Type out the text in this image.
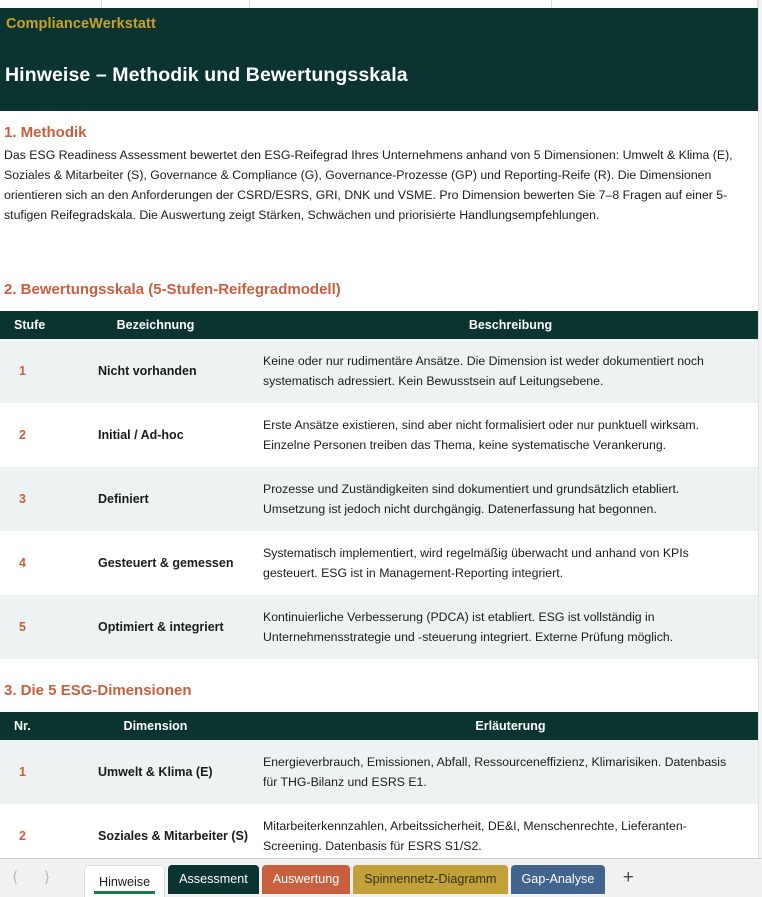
ComplianceWerkstatt
Hinweise – Methodik und Bewertungsskala
1. Methodik
Das ESG Readiness Assessment bewertet den ESG-Reifegrad Ihres Unternehmens anhand von 5 Dimensionen: Umwelt & Klima (E), Soziales & Mitarbeiter (S), Governance & Compliance (G), Governance-Prozesse (GP) und Reporting-Reife (R). Die Dimensionen orientieren sich an den Anforderungen der CSRD/ESRS, GRI, DNK und VSME. Pro Dimension bewerten Sie 7–8 Fragen auf einer 5-stufigen Reifegradskala. Die Auswertung zeigt Stärken, Schwächen und priorisierte Handlungsempfehlungen.
2. Bewertungsskala (5-Stufen-Reifegradmodell)
Stufe	Bezeichnung	Beschreibung
1	Nicht vorhanden	Keine oder nur rudimentäre Ansätze. Die Dimension ist weder dokumentiert noch systematisch adressiert. Kein Bewusstsein auf Leitungsebene.
2	Initial / Ad-hoc	Erste Ansätze existieren, sind aber nicht formalisiert oder nur punktuell wirksam. Einzelne Personen treiben das Thema, keine systematische Verankerung.
3	Definiert	Prozesse und Zuständigkeiten sind dokumentiert und grundsätzlich etabliert. Umsetzung ist jedoch nicht durchgängig. Datenerfassung hat begonnen.
4	Gesteuert & gemessen	Systematisch implementiert, wird regelmäßig überwacht und anhand von KPIs gesteuert. ESG ist in Management-Reporting integriert.
5	Optimiert & integriert	Kontinuierliche Verbesserung (PDCA) ist etabliert. ESG ist vollständig in Unternehmensstrategie und -steuerung integriert. Externe Prüfung möglich.
3. Die 5 ESG-Dimensionen
Nr.	Dimension	Erläuterung
1	Umwelt & Klima (E)	Energieverbrauch, Emissionen, Abfall, Ressourceneffizienz, Klimarisiken. Datenbasis für THG-Bilanz und ESRS E1.
2	Soziales & Mitarbeiter (S)	Mitarbeiterkennzahlen, Arbeitssicherheit, DE&I, Menschenrechte, Lieferanten-Screening. Datenbasis für ESRS S1/S2.
⟨ ⟩	Hinweise Assessment Auswertung Spinnennetz-Diagramm Gap-Analyse	+
